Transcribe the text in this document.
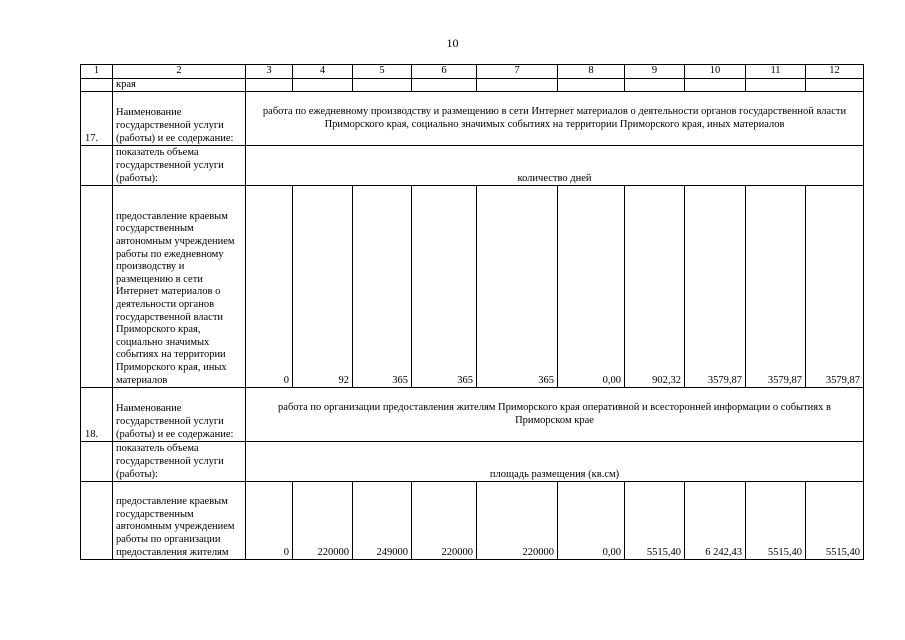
10
1	2	3	4	5	6	7	8	9	10	11	12
	края										
17.	Наименование государственной услуги (работы) и ее содержание:	работа по ежедневному производству и размещению в сети Интернет материалов о деятельности органов государственной власти Приморского края, социально значимых событиях на территории Приморского края, иных материалов									
	показатель объема государственной услуги (работы):	количество дней									
	предоставление краевым государственным автономным учреждением работы по ежедневному производству и размещению в сети Интернет материалов о деятельности органов государственной власти Приморского края, социально значимых событиях на территории Приморского края, иных материалов	0	92	365	365	365	0,00	902,32	3579,87	3579,87	3579,87
18.	Наименование государственной услуги (работы) и ее содержание:	работа по организации предоставления жителям Приморского края оперативной и всесторонней информации о событиях в Приморском крае									
	показатель объема государственной услуги (работы):	площадь размещения (кв.см)									
	предоставление краевым государственным автономным учреждением работы по организации предоставления жителям	0	220000	249000	220000	220000	0,00	5515,40	6 242,43	5515,40	5515,40
